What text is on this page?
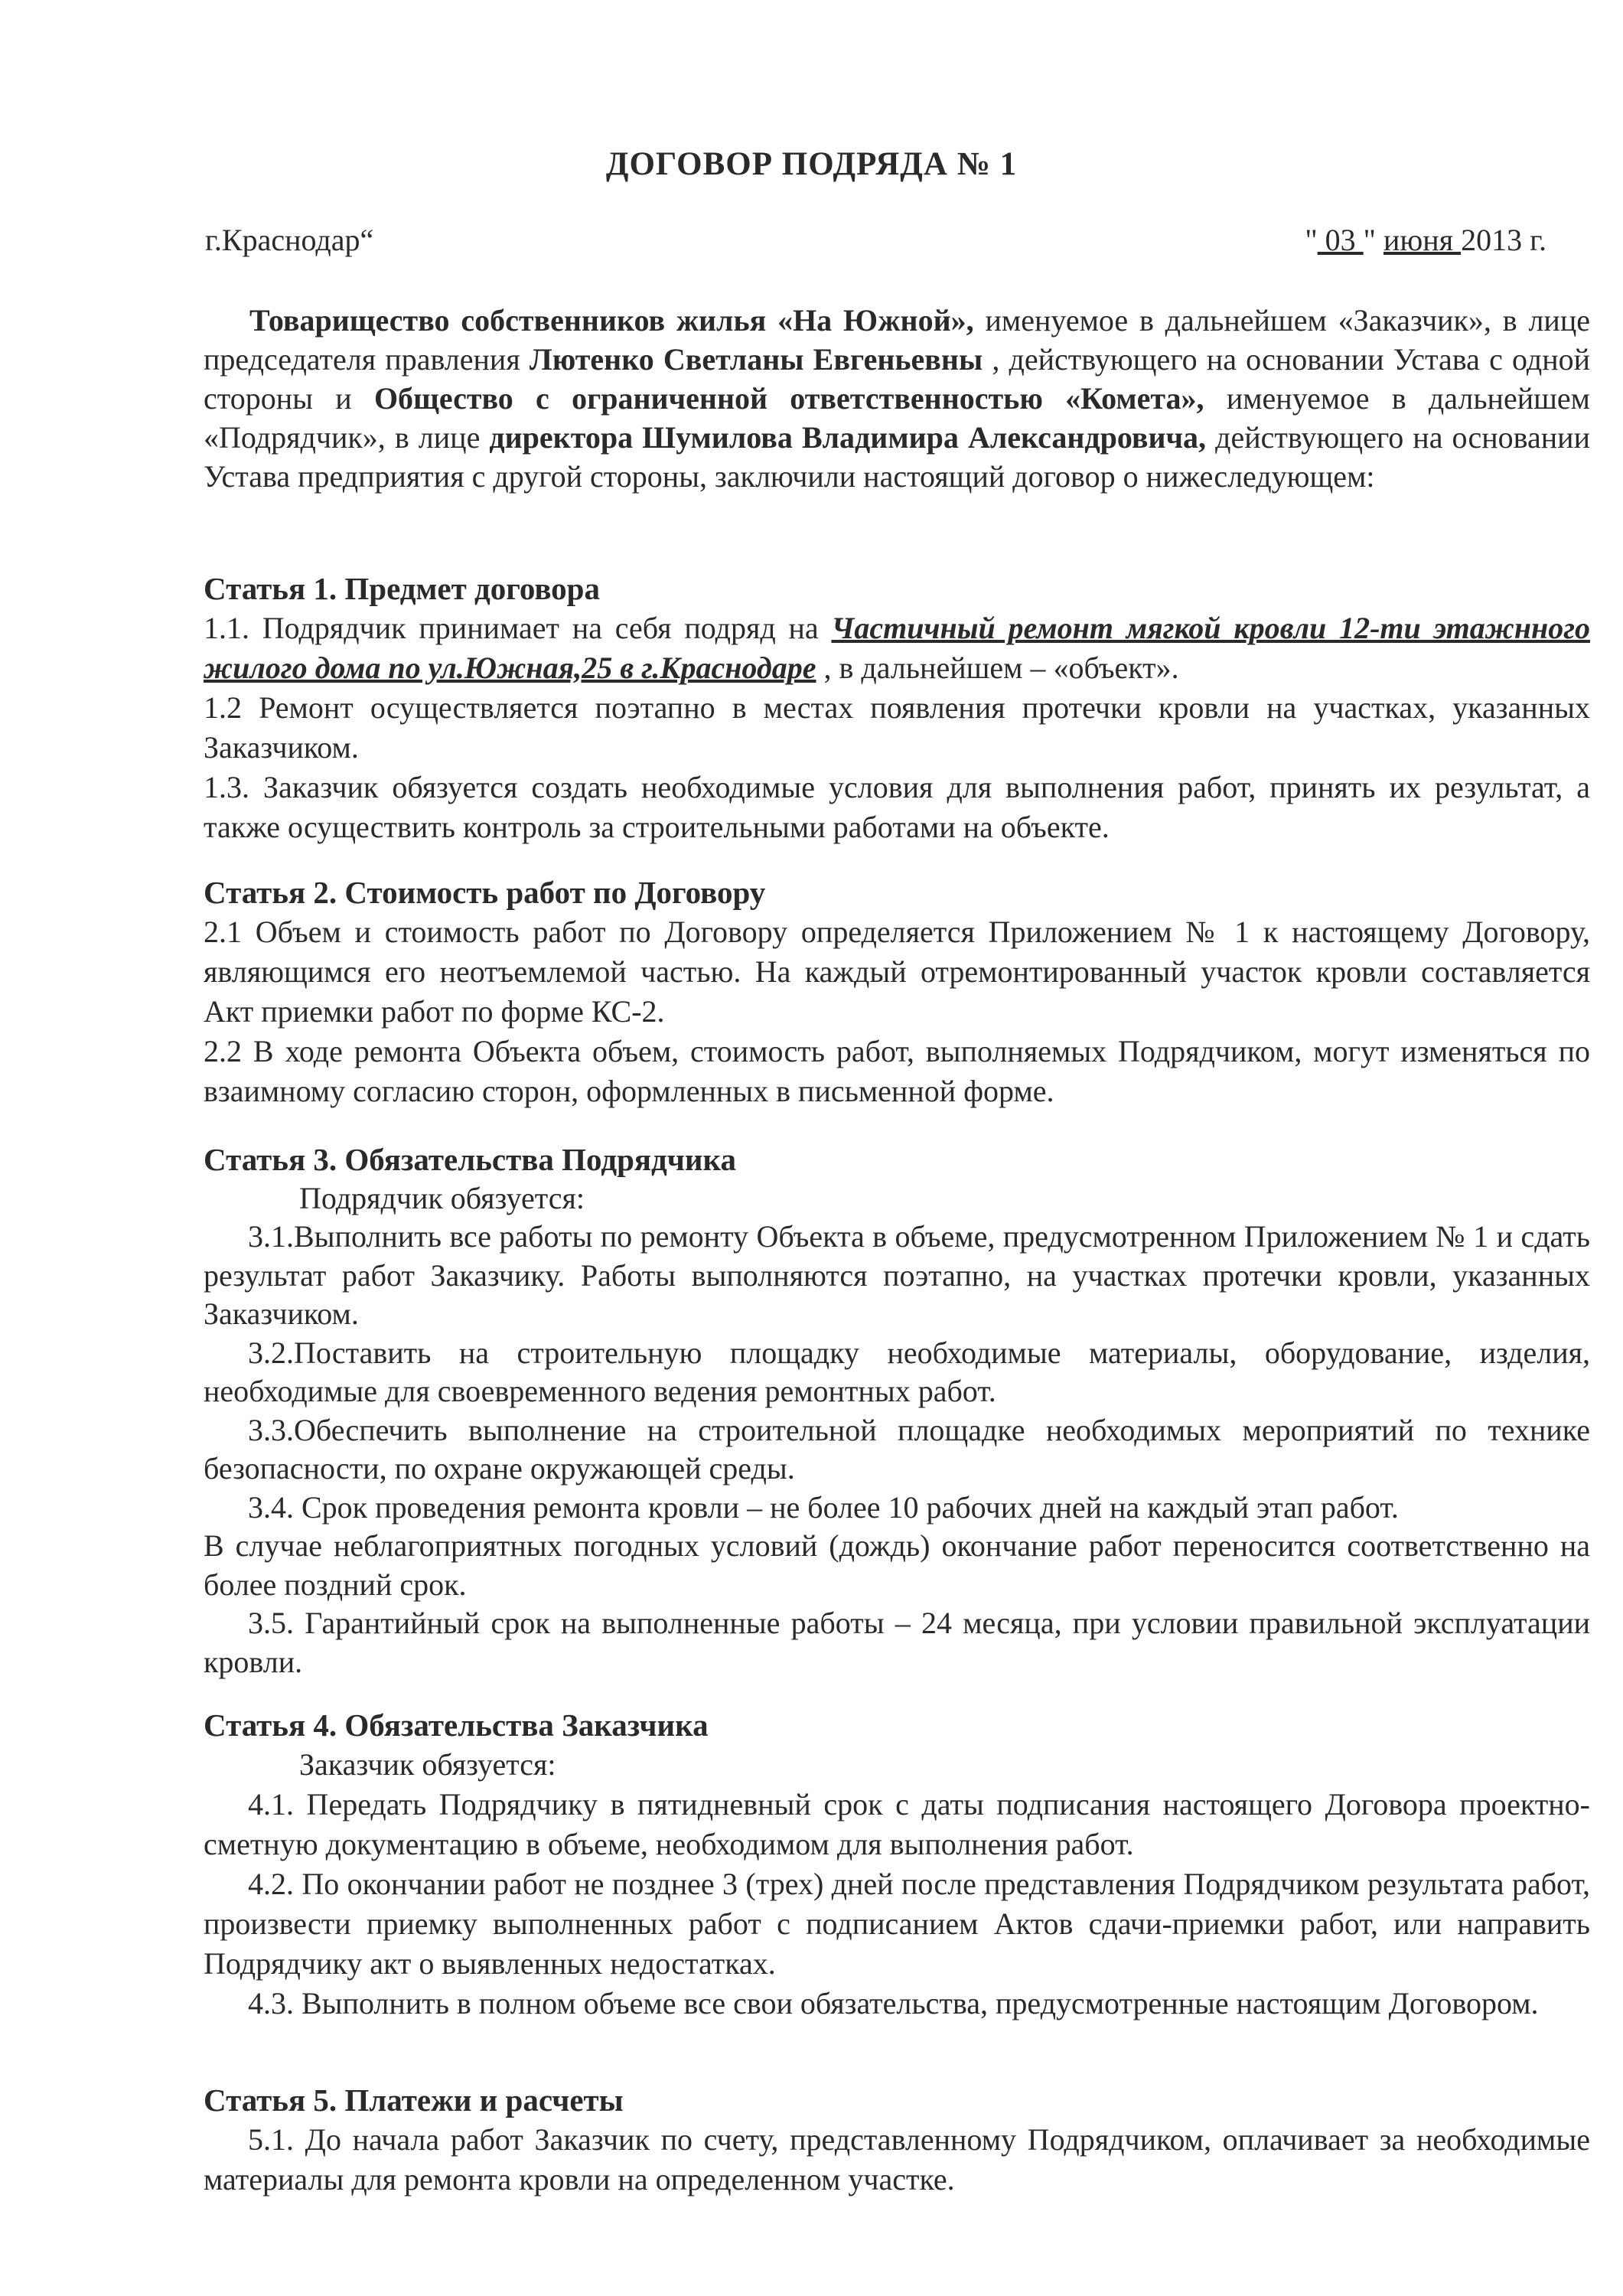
ДОГОВОР ПОДРЯДА № 1
г.Краснодар“	" 03 " июня 2013 г.

Товарищество собственников жилья «На Южной», именуемое в дальнейшем «Заказчик», в лице председателя правления Лютенко Светланы Евгеньевны , действующего на основании Устава с одной стороны и Общество с ограниченной ответственностью «Комета», именуемое в дальнейшем «Подрядчик», в лице директора Шумилова Владимира Александровича, действующего на основании Устава предприятия с другой стороны, заключили настоящий договор о нижеследующем:

Статья 1. Предмет договора

1.1. Подрядчик принимает на себя подряд на Частичный ремонт мягкой кровли 12-ти этажнного жилого дома по ул.Южная,25 в г.Краснодаре , в дальнейшем – «объект».

1.2 Ремонт осуществляется поэтапно в местах появления протечки кровли на участках, указанных Заказчиком.

1.3. Заказчик обязуется создать необходимые условия для выполнения работ, принять их результат, а также осуществить контроль за строительными работами на объекте.

Статья 2. Стоимость работ по Договору

2.1 Объем и стоимость работ по Договору определяется Приложением № 1 к настоящему Договору, являющимся его неотъемлемой частью. На каждый отремонтированный участок кровли составляется Акт приемки работ по форме КС-2.

2.2 В ходе ремонта Объекта объем, стоимость работ, выполняемых Подрядчиком, могут изменяться по взаимному согласию сторон, оформленных в письменной форме.

Статья 3. Обязательства Подрядчика

Подрядчик обязуется:

3.1.Выполнить все работы по ремонту Объекта в объеме, предусмотренном Приложением № 1 и сдать результат работ Заказчику. Работы выполняются поэтапно, на участках протечки кровли, указанных Заказчиком.

3.2.Поставить на строительную площадку необходимые материалы, оборудование, изделия, необходимые для своевременного ведения ремонтных работ.

3.3.Обеспечить выполнение на строительной площадке необходимых мероприятий по технике безопасности, по охране окружающей среды.

3.4. Срок проведения ремонта кровли – не более 10 рабочих дней на каждый этап работ.

В случае неблагоприятных погодных условий (дождь) окончание работ переносится соответственно на более поздний срок.

3.5. Гарантийный срок на выполненные работы – 24 месяца, при условии правильной эксплуатации кровли.

Статья 4. Обязательства Заказчика

Заказчик обязуется:

4.1. Передать Подрядчику в пятидневный срок с даты подписания настоящего Договора проектно-сметную документацию в объеме, необходимом для выполнения работ.

4.2. По окончании работ не позднее 3 (трех) дней после представления Подрядчиком результата работ, произвести приемку выполненных работ с подписанием Актов сдачи-приемки работ, или направить Подрядчику акт о выявленных недостатках.

4.3. Выполнить в полном объеме все свои обязательства, предусмотренные настоящим Договором.

Статья 5. Платежи и расчеты

5.1. До начала работ Заказчик по счету, представленному Подрядчиком, оплачивает за необходимые материалы для ремонта кровли на определенном участке.
